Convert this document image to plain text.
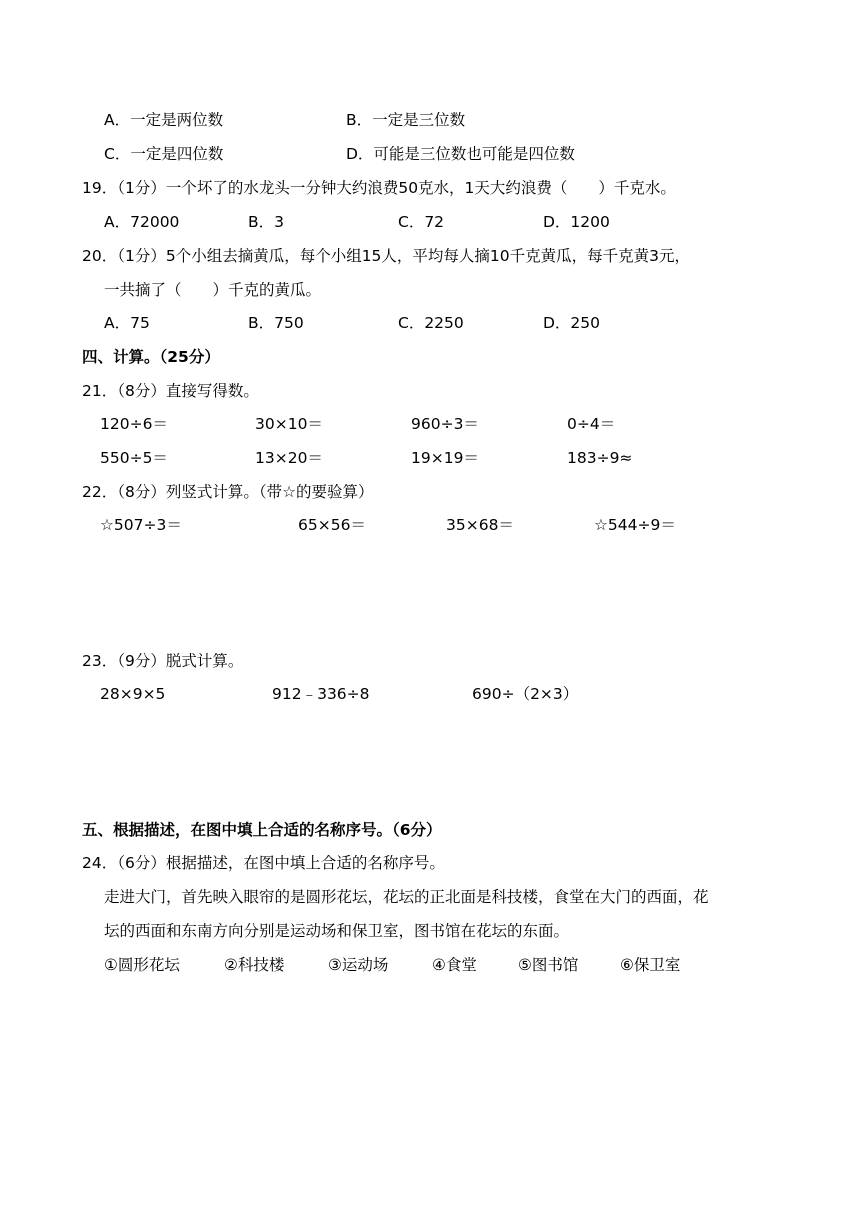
A．一定是两位数	B．一定是三位数
C．一定是四位数	D．可能是三位数也可能是四位数
19．（1分）一个坏了的水龙头一分钟大约浪费50克水，1天大约浪费（　　）千克水。
A．72000	B．3	C．72	D．1200
20．（1分）5个小组去摘黄瓜，每个小组15人，平均每人摘10千克黄瓜，每千克黄3元，
一共摘了（　　）千克的黄瓜。
A．75	B．750	C．2250	D．250
四、计算。（25分）
21．（8分）直接写得数。
120÷6＝	30×10＝	960÷3＝	0÷4＝
550÷5＝	13×20＝	19×19＝	183÷9≈
22．（8分）列竖式计算。（带☆的要验算）
☆507÷3＝	65×56＝	35×68＝	☆544÷9＝
23．（9分）脱式计算。
28×9×5	912﹣336÷8	690÷（2×3）
五、根据描述，在图中填上合适的名称序号。（6分）
24．（6分）根据描述，在图中填上合适的名称序号。
走进大门，首先映入眼帘的是圆形花坛，花坛的正北面是科技楼，食堂在大门的西面，花
坛的西面和东南方向分别是运动场和保卫室，图书馆在花坛的东面。
①圆形花坛	②科技楼	③运动场	④食堂	⑤图书馆	⑥保卫室
